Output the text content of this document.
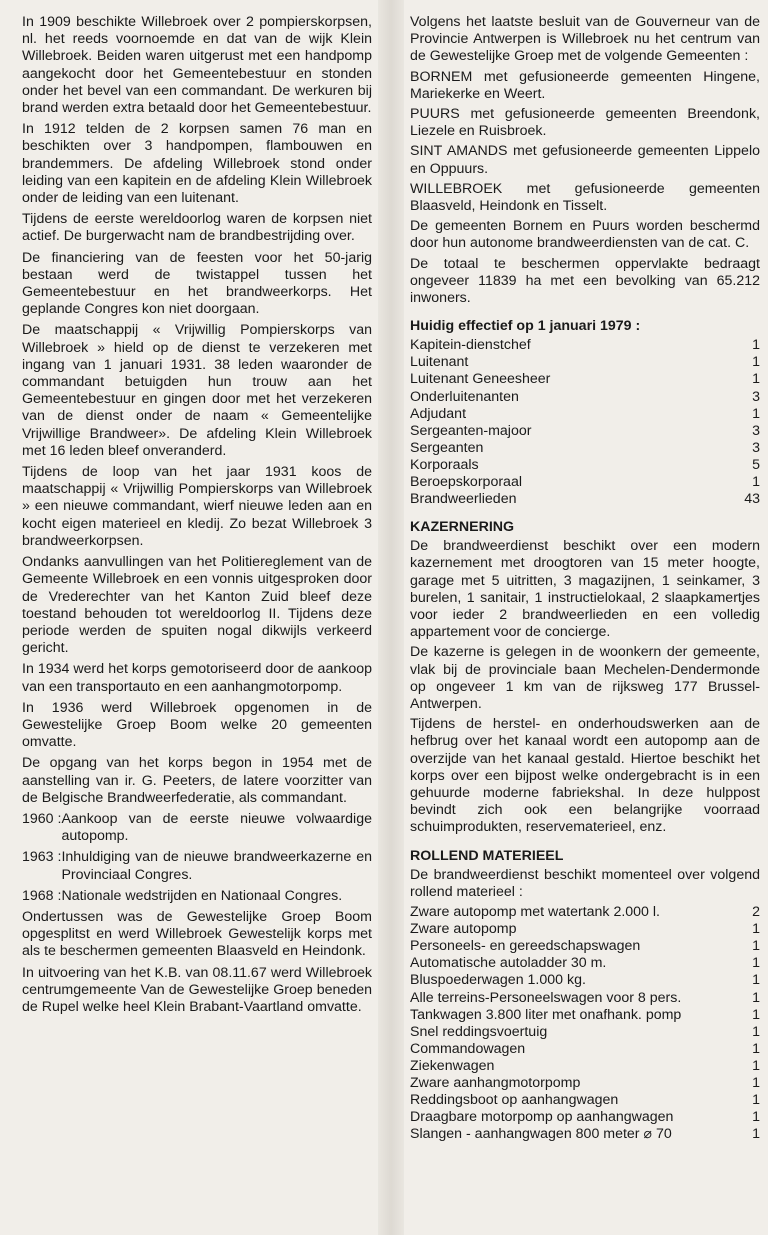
In 1909 beschikte Willebroek over 2 pompierskorpsen, nl. het reeds voornoemde en dat van de wijk Klein Willebroek. Beiden waren uitgerust met een handpomp aangekocht door het Gemeentebestuur en stonden onder het bevel van een commandant. De werkuren bij brand werden extra betaald door het Gemeentebestuur.

In 1912 telden de 2 korpsen samen 76 man en beschikten over 3 handpompen, flambouwen en brandemmers. De afdeling Willebroek stond onder leiding van een kapitein en de afdeling Klein Willebroek onder de leiding van een luitenant.

Tijdens de eerste wereldoorlog waren de korpsen niet actief. De burgerwacht nam de brandbestrijding over.

De financiering van de feesten voor het 50-jarig bestaan werd de twistappel tussen het Gemeentebestuur en het brandweerkorps. Het geplande Congres kon niet doorgaan.

De maatschappij « Vrijwillig Pompierskorps van Willebroek » hield op de dienst te verzekeren met ingang van 1 januari 1931. 38 leden waaronder de commandant betuigden hun trouw aan het Gemeentebestuur en gingen door met het verzekeren van de dienst onder de naam « Gemeentelijke Vrijwillige Brandweer». De afdeling Klein Willebroek met 16 leden bleef onveranderd.

Tijdens de loop van het jaar 1931 koos de maatschappij « Vrijwillig Pompierskorps van Willebroek » een nieuwe commandant, wierf nieuwe leden aan en kocht eigen materieel en kledij. Zo bezat Willebroek 3 brandweerkorpsen.

Ondanks aanvullingen van het Politiereglement van de Gemeente Willebroek en een vonnis uitgesproken door de Vrederechter van het Kanton Zuid bleef deze toestand behouden tot wereldoorlog II. Tijdens deze periode werden de spuiten nogal dikwijls verkeerd gericht.

In 1934 werd het korps gemotoriseerd door de aankoop van een transportauto en een aanhangmotorpomp.

In 1936 werd Willebroek opgenomen in de Gewestelijke Groep Boom welke 20 gemeenten omvatte.

De opgang van het korps begon in 1954 met de aanstelling van ir. G. Peeters, de latere voorzitter van de Belgische Brandweerfederatie, als commandant.

1960 : Aankoop van de eerste nieuwe volwaardige autopomp.

1963 : Inhuldiging van de nieuwe brandweerkazerne en Provinciaal Congres.

1968 : Nationale wedstrijden en Nationaal Congres.

Ondertussen was de Gewestelijke Groep Boom opgesplitst en werd Willebroek Gewestelijk korps met als te beschermen gemeenten Blaasveld en Heindonk.

In uitvoering van het K.B. van 08.11.67 werd Willebroek centrumgemeente Van de Gewestelijke Groep beneden de Rupel welke heel Klein Brabant-Vaartland omvatte.

Volgens het laatste besluit van de Gouverneur van de Provincie Antwerpen is Willebroek nu het centrum van de Gewestelijke Groep met de volgende Gemeenten :

BORNEM met gefusioneerde gemeenten Hingene, Mariekerke en Weert.

PUURS met gefusioneerde gemeenten Breendonk, Liezele en Ruisbroek.

SINT AMANDS met gefusioneerde gemeenten Lippelo en Oppuurs.

WILLEBROEK met gefusioneerde gemeenten Blaasveld, Heindonk en Tisselt.

De gemeenten Bornem en Puurs worden beschermd door hun autonome brandweerdiensten van de cat. C.

De totaal te beschermen oppervlakte bedraagt ongeveer 11839 ha met een bevolking van 65.212 inwoners.

Huidig effectief op 1 januari 1979 :
Kapitein-dienstchef	1
Luitenant	1
Luitenant Geneesheer	1
Onderluitenanten	3
Adjudant	1
Sergeanten-majoor	3
Sergeanten	3
Korporaals	5
Beroepskorporaal	1
Brandweerlieden	43
KAZERNERING

De brandweerdienst beschikt over een modern kazernement met droogtoren van 15 meter hoogte, garage met 5 uitritten, 3 magazijnen, 1 seinkamer, 3 burelen, 1 sanitair, 1 instructielokaal, 2 slaapkamertjes voor ieder 2 brandweerlieden en een volledig appartement voor de concierge.

De kazerne is gelegen in de woonkern der gemeente, vlak bij de provinciale baan Mechelen-Dendermonde op ongeveer 1 km van de rijksweg 177 Brussel-Antwerpen.

Tijdens de herstel- en onderhoudswerken aan de hefbrug over het kanaal wordt een autopomp aan de overzijde van het kanaal gestald. Hiertoe beschikt het korps over een bijpost welke ondergebracht is in een gehuurde moderne fabriekshal. In deze hulppost bevindt zich ook een belangrijke voorraad schuimprodukten, reservematerieel, enz.

ROLLEND MATERIEEL

De brandweerdienst beschikt momenteel over volgend rollend materieel :

Zware autopomp met watertank 2.000 l.	2
Zware autopomp	1
Personeels- en gereedschapswagen	1
Automatische autoladder 30 m.	1
Bluspoederwagen 1.000 kg.	1
Alle terreins-Personeelswagen voor 8 pers.	1
Tankwagen 3.800 liter met onafhank. pomp	1
Snel reddingsvoertuig	1
Commandowagen	1
Ziekenwagen	1
Zware aanhangmotorpomp	1
Reddingsboot op aanhangwagen	1
Draagbare motorpomp op aanhangwagen	1
Slangen - aanhangwagen 800 meter ⌀ 70	1
